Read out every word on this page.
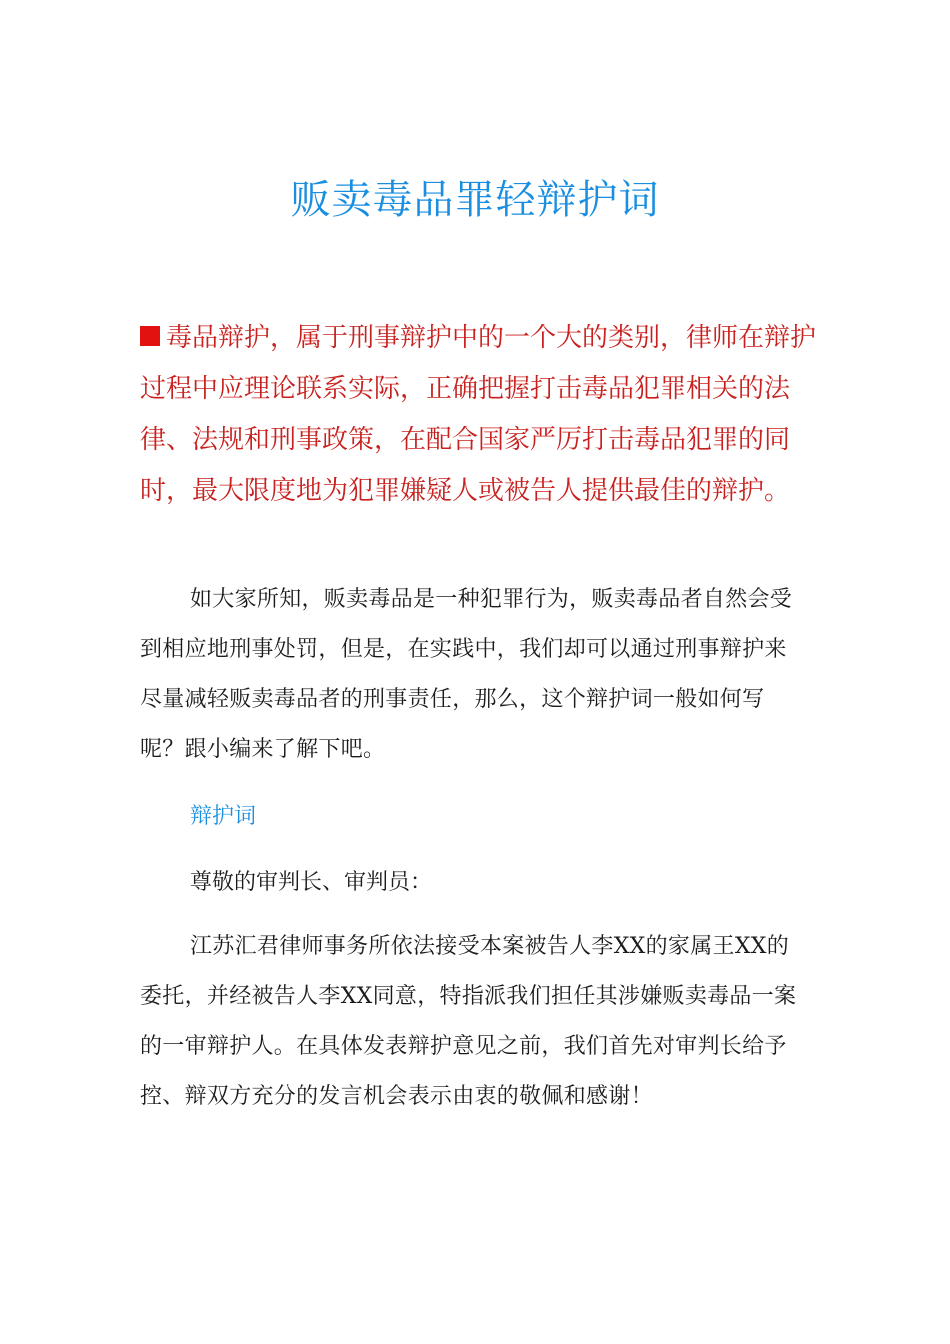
贩卖毒品罪轻辩护词

毒品辩护，属于刑事辩护中的一个大的类别，律师在辩护过程中应理论联系实际，正确把握打击毒品犯罪相关的法律、法规和刑事政策，在配合国家严厉打击毒品犯罪的同时，最大限度地为犯罪嫌疑人或被告人提供最佳的辩护。

如大家所知，贩卖毒品是一种犯罪行为，贩卖毒品者自然会受到相应地刑事处罚，但是，在实践中，我们却可以通过刑事辩护来尽量减轻贩卖毒品者的刑事责任，那么，这个辩护词一般如何写呢？跟小编来了解下吧。

辩护词

尊敬的审判长、审判员：

江苏汇君律师事务所依法接受本案被告人李XX的家属王XX的委托，并经被告人李XX同意，特指派我们担任其涉嫌贩卖毒品一案的一审辩护人。在具体发表辩护意见之前，我们首先对审判长给予控、辩双方充分的发言机会表示由衷的敬佩和感谢！
